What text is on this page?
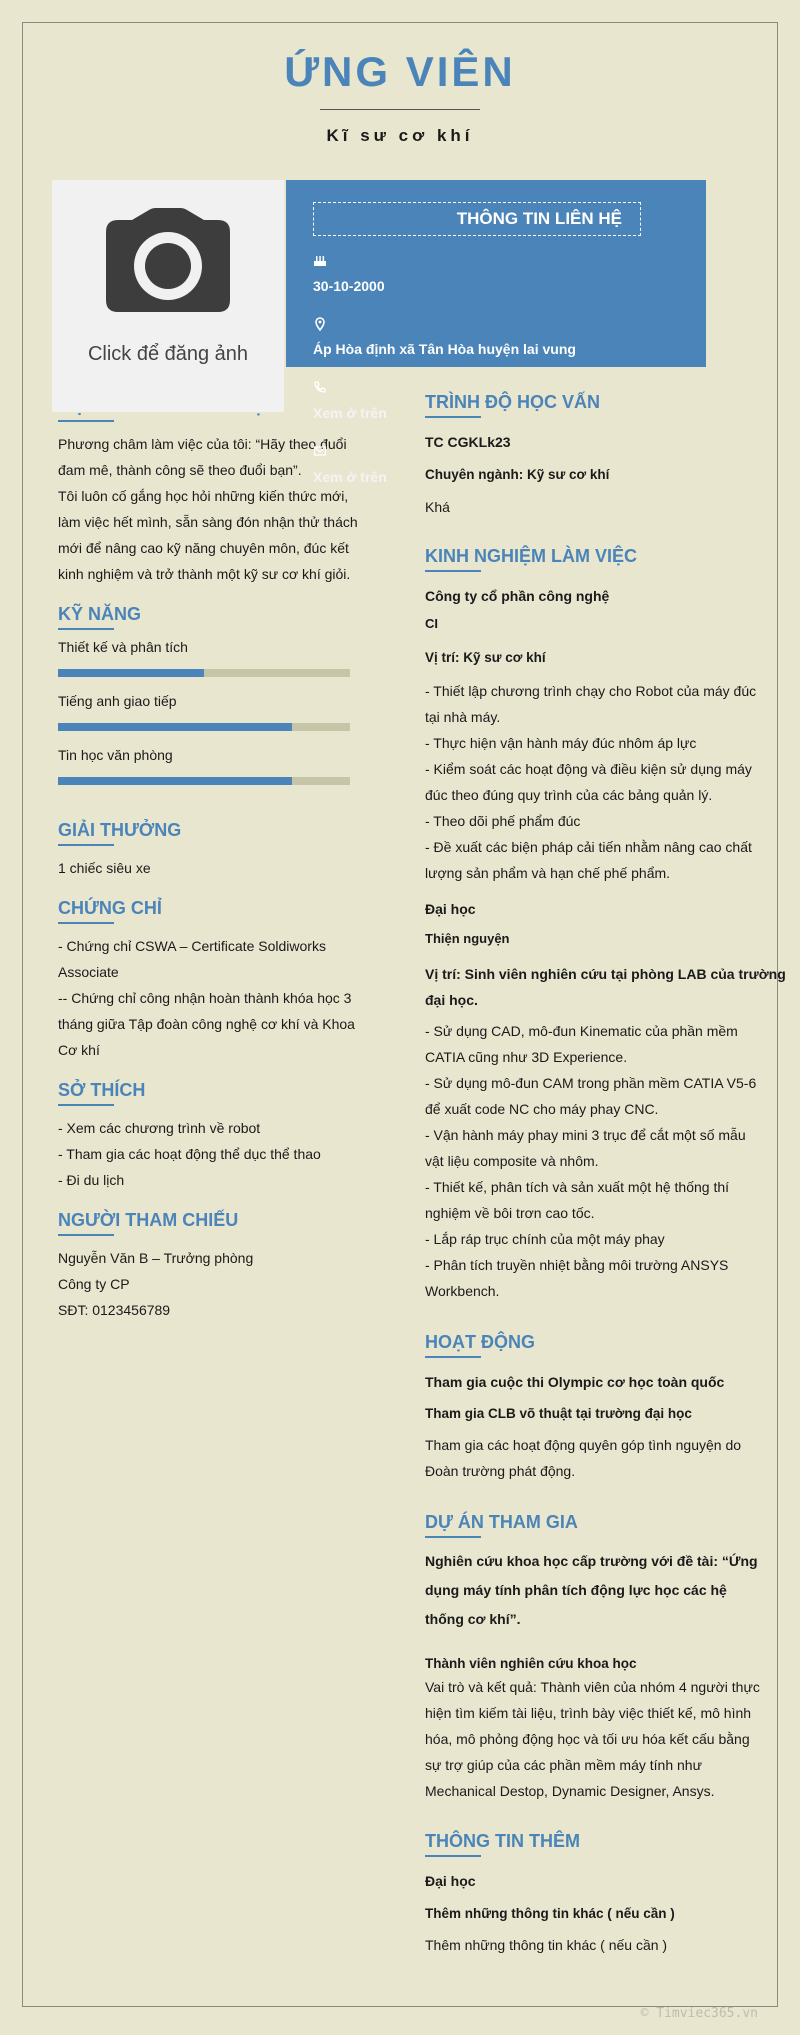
ỨNG VIÊN
Kĩ sư cơ khí
Phương châm làm việc của tôi: “Hãy theo đuổi
đam mê, thành công sẽ theo đuổi bạn”.
Tôi luôn cố gắng học hỏi những kiến thức mới,
làm việc hết mình, sẵn sàng đón nhận thử thách
mới để nâng cao kỹ năng chuyên môn, đúc kết
kinh nghiệm và trở thành một kỹ sư cơ khí giỏi.
Click để đăng ảnh
THÔNG TIN LIÊN HỆ
30-10-2000
Áp Hòa định xã Tân Hòa huyện lai vung
Xem ở trên
Xem ở trên
KỸ NĂNG
Thiết kế và phân tích
Tiếng anh giao tiếp
Tin học văn phòng
GIẢI THƯỞNG
1 chiếc siêu xe
CHỨNG CHỈ
- Chứng chỉ CSWA – Certificate Soldiworks
Associate
-- Chứng chỉ công nhận hoàn thành khóa học 3
tháng giữa Tập đoàn công nghệ cơ khí và Khoa
Cơ khí
SỞ THÍCH
- Xem các chương trình về robot
- Tham gia các hoạt động thể dục thể thao
- Đi du lịch
NGƯỜI THAM CHIẾU
Nguyễn Văn B – Trưởng phòng
Công ty CP
SĐT: 0123456789
TRÌNH ĐỘ HỌC VẤN
TC CGKLk23
Chuyên ngành: Kỹ sư cơ khí
Khá
KINH NGHIỆM LÀM VIỆC
Công ty cổ phần công nghệ
CI
Vị trí: Kỹ sư cơ khí
- Thiết lập chương trình chạy cho Robot của máy đúc
tại nhà máy.
- Thực hiện vận hành máy đúc nhôm áp lực
- Kiểm soát các hoạt động và điều kiện sử dụng máy
đúc theo đúng quy trình của các bảng quản lý.
- Theo dõi phế phẩm đúc
- Đề xuất các biện pháp cải tiến nhằm nâng cao chất
lượng sản phẩm và hạn chế phế phẩm.
Đại học
Thiện nguyện
Vị trí: Sinh viên nghiên cứu tại phòng LAB của trường
đại học.
- Sử dụng CAD, mô-đun Kinematic của phần mềm
CATIA cũng như 3D Experience.
- Sử dụng mô-đun CAM trong phần mềm CATIA V5-6
để xuất code NC cho máy phay CNC.
- Vận hành máy phay mini 3 trục để cắt một số mẫu
vật liệu composite và nhôm.
- Thiết kế, phân tích và sản xuất một hệ thống thí
nghiệm về bôi trơn cao tốc.
- Lắp ráp trục chính của một máy phay
- Phân tích truyền nhiệt bằng môi trường ANSYS
Workbench.
HOẠT ĐỘNG
Tham gia cuộc thi Olympic cơ học toàn quốc
Tham gia CLB võ thuật tại trường đại học
Tham gia các hoạt động quyên góp tình nguyện do
Đoàn trường phát động.
DỰ ÁN THAM GIA
Nghiên cứu khoa học cấp trường với đề tài: “Ứng
dụng máy tính phân tích động lực học các hệ
thống cơ khí”.
Thành viên nghiên cứu khoa học
Vai trò và kết quả: Thành viên của nhóm 4 người thực
hiện tìm kiếm tài liệu, trình bày việc thiết kế, mô hình
hóa, mô phỏng động học và tối ưu hóa kết cấu bằng
sự trợ giúp của các phần mềm máy tính như
Mechanical Destop, Dynamic Designer, Ansys.
THÔNG TIN THÊM
Đại học
Thêm những thông tin khác ( nếu cần )
Thêm những thông tin khác ( nếu cần )
© Timviec365.vn
